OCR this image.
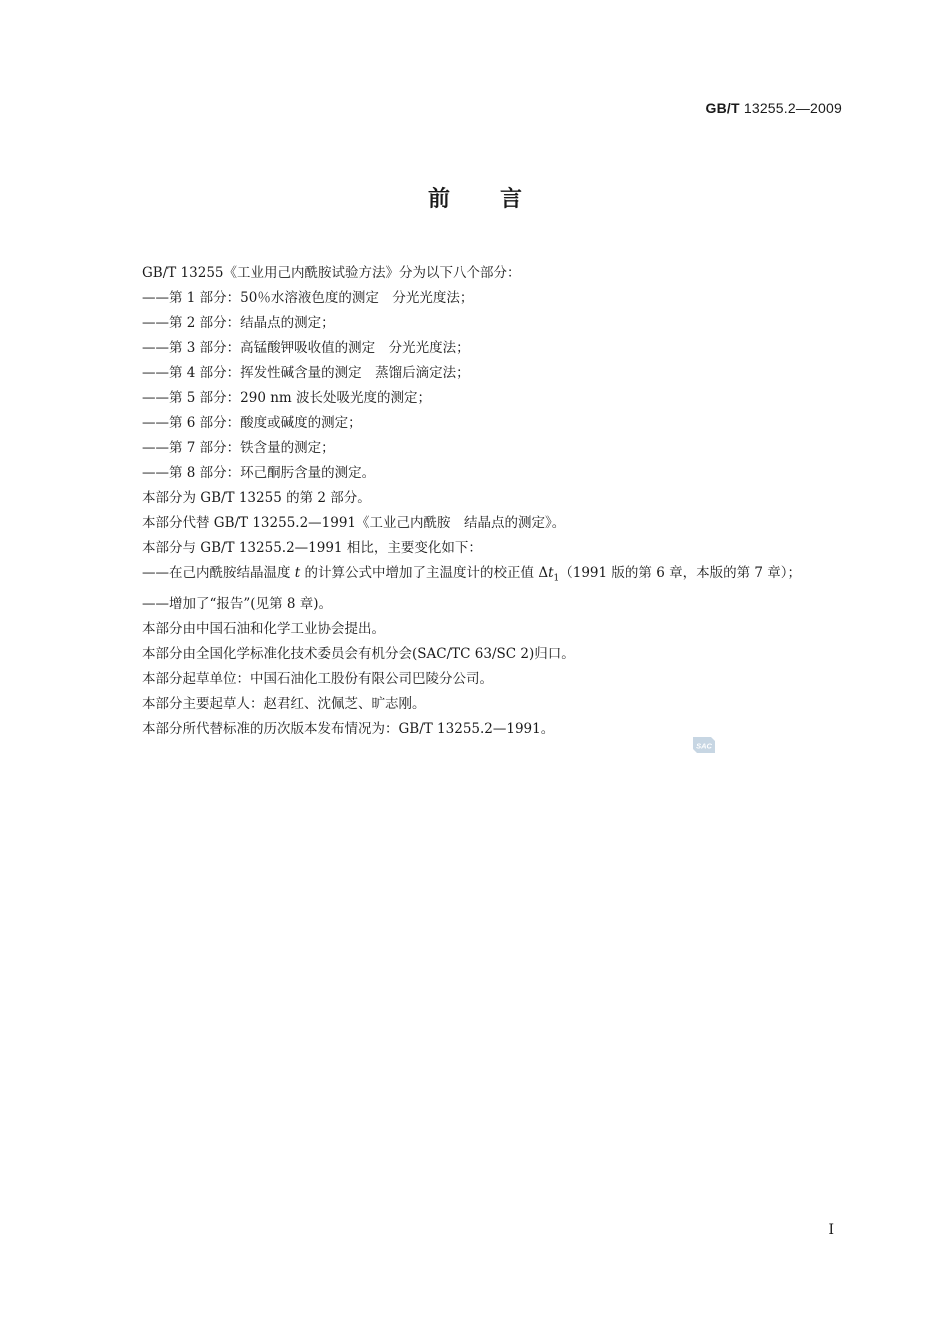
GB/T 13255.2—2009
前言
GB/T 13255《工业用己内酰胺试验方法》分为以下八个部分：
——第 1 部分：50％水溶液色度的测定　分光光度法；
——第 2 部分：结晶点的测定；
——第 3 部分：高锰酸钾吸收值的测定　分光光度法；
——第 4 部分：挥发性碱含量的测定　蒸馏后滴定法；
——第 5 部分：290 nm 波长处吸光度的测定；
——第 6 部分：酸度或碱度的测定；
——第 7 部分：铁含量的测定；
——第 8 部分：环己酮肟含量的测定。
本部分为 GB/T 13255 的第 2 部分。
本部分代替 GB/T 13255.2—1991《工业己内酰胺　结晶点的测定》。
本部分与 GB/T 13255.2—1991 相比，主要变化如下：
——在己内酰胺结晶温度 t 的计算公式中增加了主温度计的校正值 $\Delta t_1(1991$ 版的第 6 章，本版的第 7 章）；
——增加了“报告”(见第 8 章)。
本部分由中国石油和化学工业协会提出。
本部分由全国化学标准化技术委员会有机分会(SAC/TC 63/SC 2)归口。
本部分起草单位：中国石油化工股份有限公司巴陵分公司。
本部分主要起草人：赵君红、沈佩芝、旷志刚。
本部分所代替标准的历次版本发布情况为：GB/T 13255.2—1991。
SAC
I
